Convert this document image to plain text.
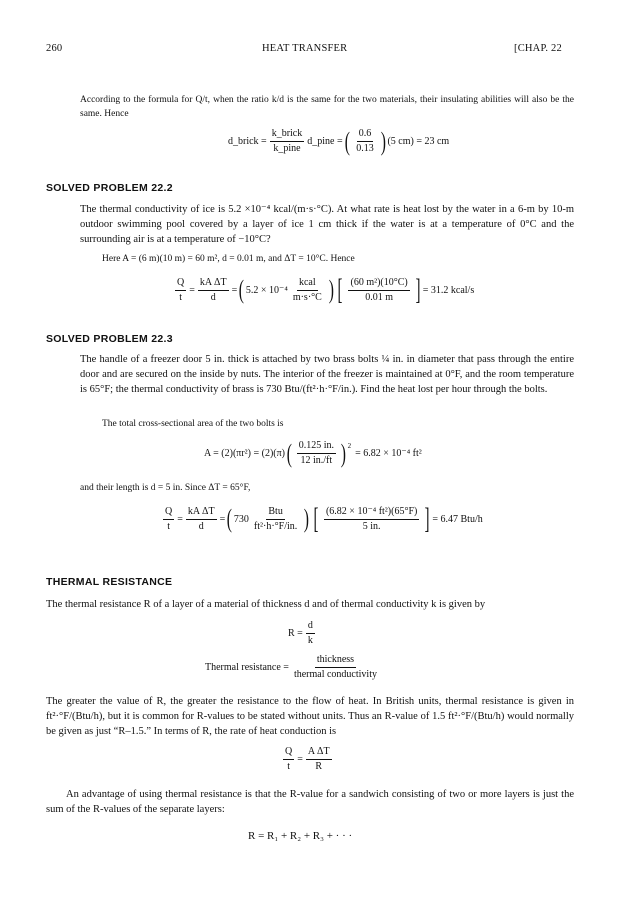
260	HEAT TRANSFER	[CHAP. 22
According to the formula for Q/t, when the ratio k/d is the same for the two materials, their insulating abilities will also be the same. Hence
d_brick = $\frac{\text{k\_brick}}{\text{k\_pine}}$ d_pine = ( $\frac{0.6}{0.13}$ ) (5 cm) = 23 cm
SOLVED PROBLEM 22.2
The thermal conductivity of ice is 5.2 ×10⁻⁴ kcal/(m·s·°C). At what rate is heat lost by the water in a 6-m by 10-m outdoor swimming pool covered by a layer of ice 1 cm thick if the water is at a temperature of 0°C and the surrounding air is at a temperature of −10°C?
Here A = (6 m)(10 m) = 60 m², d = 0.01 m, and ΔT = 10°C. Hence
$\frac{Q}{t} = \frac{\text{kA ΔT}}{d}$ = ( $5.2 \times 10^{-4} \frac{\text{kcal}}{m\cdot s\cdot^\circ C}$ ) [ $\frac{\text{(60 m²)(10°C)}}{0.01 m}$ ] = 31.2 kcal/s
SOLVED PROBLEM 22.3
The handle of a freezer door 5 in. thick is attached by two brass bolts ¼ in. in diameter that pass through the entire door and are secured on the inside by nuts. The interior of the freezer is maintained at 0°F, and the room temperature is 65°F; the thermal conductivity of brass is 730 Btu/(ft²·h·°F/in.). Find the heat lost per hour through the bolts.
The total cross-sectional area of the two bolts is
A = (2)(πr²) = (2)(π) ( $\frac{0.125 in.}{12 in./ft} )^2$
= 6.82 × 10⁻⁴ ft²
and their length is d = 5 in. Since ΔT = 65°F,
$\frac{Q}{t} = \frac{\text{kA ΔT}}{d}$ = ( $730 \frac{\text{Btu}}{\text{ft²·h·°F/in.}}$ ) [ $\frac{\text{(6.82 × 10⁻⁴ ft²)(65°F)}}{5 in.}$ ] = 6.47 Btu/h
THERMAL RESISTANCE
The thermal resistance R of a layer of a material of thickness d and of thermal conductivity k is given by
$R = \frac{d}{k}$
Thermal resistance = $\frac{\text{thickness}}{\text{thermal conductivity}}$
The greater the value of R, the greater the resistance to the flow of heat. In British units, thermal resistance is given in ft²·°F/(Btu/h), but it is common for R-values to be stated without units. Thus an R-value of 1.5 ft²·°F/(Btu/h) would normally be given as just “R–1.5.” In terms of R, the rate of heat conduction is
$\frac{Q}{t} = \frac{\text{A ΔT}}{R}$
An advantage of using thermal resistance is that the R-value for a sandwich consisting of two or more layers is just the sum of the R-values of the separate layers:
R = R₁ + R₂ + R₃ + · · ·
